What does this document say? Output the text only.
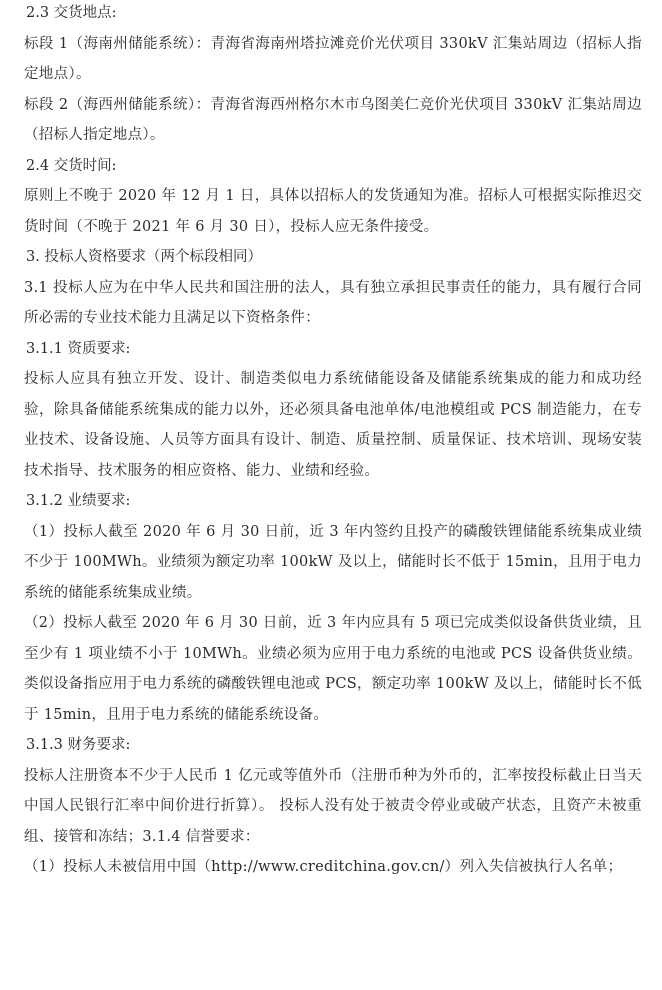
2.3 交货地点:

标段 1（海南州储能系统）：青海省海南州塔拉滩竞价光伏项目 330kV 汇集站周边（招标人指定地点）。

标段 2（海西州储能系统）：青海省海西州格尔木市乌图美仁竞价光伏项目 330kV 汇集站周边（招标人指定地点）。

2.4 交货时间:

原则上不晚于 2020 年 12 月 1 日，具体以招标人的发货通知为准。招标人可根据实际推迟交货时间（不晚于 2021 年 6 月 30 日），投标人应无条件接受。

3. 投标人资格要求（两个标段相同）

3.1 投标人应为在中华人民共和国注册的法人，具有独立承担民事责任的能力，具有履行合同所必需的专业技术能力且满足以下资格条件：

3.1.1 资质要求:

投标人应具有独立开发、设计、制造类似电力系统储能设备及储能系统集成的能力和成功经验，除具备储能系统集成的能力以外，还必须具备电池单体/电池模组或 PCS 制造能力，在专业技术、设备设施、人员等方面具有设计、制造、质量控制、质量保证、技术培训、现场安装技术指导、技术服务的相应资格、能力、业绩和经验。

3.1.2 业绩要求:

（1）投标人截至 2020 年 6 月 30 日前，近 3 年内签约且投产的磷酸铁锂储能系统集成业绩不少于 100MWh。业绩须为额定功率 100kW 及以上，储能时长不低于 15min，且用于电力系统的储能系统集成业绩。

（2）投标人截至 2020 年 6 月 30 日前，近 3 年内应具有 5 项已完成类似设备供货业绩，且至少有 1 项业绩不小于 10MWh。业绩必须为应用于电力系统的电池或 PCS 设备供货业绩。类似设备指应用于电力系统的磷酸铁锂电池或 PCS，额定功率 100kW 及以上，储能时长不低于 15min，且用于电力系统的储能系统设备。

3.1.3 财务要求:

投标人注册资本不少于人民币 1 亿元或等值外币（注册币种为外币的，汇率按投标截止日当天中国人民银行汇率中间价进行折算）。 投标人没有处于被责令停业或破产状态，且资产未被重组、接管和冻结；3.1.4 信誉要求：

（1）投标人未被信用中国（http://www.creditchina.gov.cn/）列入失信被执行人名单；
